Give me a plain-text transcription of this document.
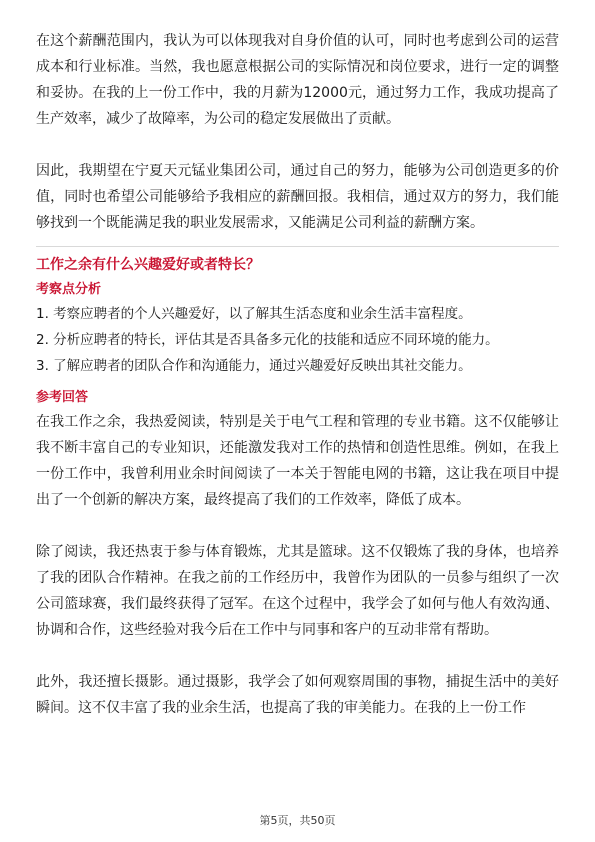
在这个薪酬范围内，我认为可以体现我对自身价值的认可，同时也考虑到公司的运营成本和行业标准。当然，我也愿意根据公司的实际情况和岗位要求，进行一定的调整和妥协。在我的上一份工作中，我的月薪为12000元，通过努力工作，我成功提高了生产效率，减少了故障率，为公司的稳定发展做出了贡献。

因此，我期望在宁夏天元锰业集团公司，通过自己的努力，能够为公司创造更多的价值，同时也希望公司能够给予我相应的薪酬回报。我相信，通过双方的努力，我们能够找到一个既能满足我的职业发展需求，又能满足公司利益的薪酬方案。

工作之余有什么兴趣爱好或者特长？

考察点分析

1. 考察应聘者的个人兴趣爱好，以了解其生活态度和业余生活丰富程度。

2. 分析应聘者的特长，评估其是否具备多元化的技能和适应不同环境的能力。

3. 了解应聘者的团队合作和沟通能力，通过兴趣爱好反映出其社交能力。

参考回答

在我工作之余，我热爱阅读，特别是关于电气工程和管理的专业书籍。这不仅能够让我不断丰富自己的专业知识，还能激发我对工作的热情和创造性思维。例如，在我上一份工作中，我曾利用业余时间阅读了一本关于智能电网的书籍，这让我在项目中提出了一个创新的解决方案，最终提高了我们的工作效率，降低了成本。

除了阅读，我还热衷于参与体育锻炼，尤其是篮球。这不仅锻炼了我的身体，也培养了我的团队合作精神。在我之前的工作经历中，我曾作为团队的一员参与组织了一次公司篮球赛，我们最终获得了冠军。在这个过程中，我学会了如何与他人有效沟通、协调和合作，这些经验对我今后在工作中与同事和客户的互动非常有帮助。

此外，我还擅长摄影。通过摄影，我学会了如何观察周围的事物，捕捉生活中的美好瞬间。这不仅丰富了我的业余生活，也提高了我的审美能力。在我的上一份工作

第5页，共50页
